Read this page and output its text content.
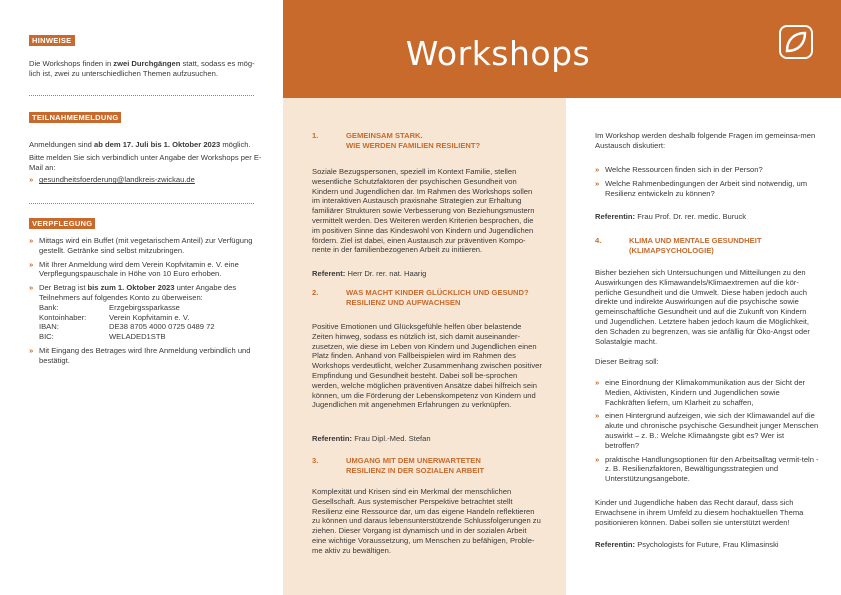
Workshops
HINWEISE
Die Workshops finden in zwei Durchgängen statt, sodass es mög-lich ist, zwei zu unterschiedlichen Themen aufzusuchen.
TEILNAHMEMELDUNG

Anmeldungen sind ab dem 17. Juli bis 1. Oktober 2023 möglich.

Bitte melden Sie sich verbindlich unter Angabe der Workshops per E-Mail an:

» gesundheitsfoerderung@landkreis-zwickau.de
VERPFLEGUNG
» Mittags wird ein Buffet (mit vegetarischem Anteil) zur Verfügung gestellt. Getränke sind selbst mitzubringen.
» Mit Ihrer Anmeldung wird dem Verein Kopfvitamin e. V. eine Verpflegungspauschale in Höhe von 10 Euro erhoben.
» Der Betrag ist bis zum 1. Oktober 2023 unter Angabe des Teilnehmers auf folgendes Konto zu überweisen:
Bank:	Erzgebirgssparkasse
Kontoinhaber:	Verein Kopfvitamin e. V.
IBAN:	DE38 8705 4000 0725 0489 72
BIC:	WELADED1STB
» Mit Eingang des Betrages wird Ihre Anmeldung verbindlich und bestätigt.
1.	GEMEINSAM STARK.
WIE WERDEN FAMILIEN RESILIENT?
Soziale Bezugspersonen, speziell im Kontext Familie, stellen wesentliche Schutzfaktoren der psychischen Gesundheit von Kindern und Jugendlichen dar. Im Rahmen des Workshops sollen im interaktiven Austausch praxisnahe Strategien zur Erhaltung familiärer Strukturen sowie Verbesserung von Beziehungsmustern vermittelt werden. Des Weiteren werden Kriterien besprochen, die im positiven Sinne das Kindeswohl von Kindern und Jugendlichen fördern. Ziel ist dabei, einen Austausch zur präventiven Kompo-nente in der familienbezogenen Arbeit zu initiieren.
Referent: Herr Dr. rer. nat. Haarig
2.	WAS MACHT KINDER GLÜCKLICH UND GESUND?
RESILIENZ UND AUFWACHSEN
Positive Emotionen und Glücksgefühle helfen über belastende Zeiten hinweg, sodass es nützlich ist, sich damit auseinander-zusetzen, wie diese im Leben von Kindern und Jugendlichen einen Platz finden. Anhand von Fallbeispielen wird im Rahmen des Workshops verdeutlicht, welcher Zusammenhang zwischen positiver Empfindung und Gesundheit besteht. Dabei soll be-sprochen werden, welche möglichen präventiven Ansätze dabei hilfreich sein können, um die Förderung der Lebenskompetenz von Kindern und Jugendlichen mit angenehmen Erfahrungen zu verknüpfen.
Referentin: Frau Dipl.-Med. Stefan
3.	UMGANG MIT DEM UNERWARTETEN
RESILIENZ IN DER SOZIALEN ARBEIT
Komplexität und Krisen sind ein Merkmal der menschlichen Gesellschaft. Aus systemischer Perspektive betrachtet stellt Resilienz eine Ressource dar, um das eigene Handeln reflektieren zu können und daraus lebensunterstützende Schlussfolgerungen zu ziehen. Dieser Vorgang ist dynamisch und in der sozialen Arbeit eine wichtige Voraussetzung, um Menschen zu befähigen, Proble-me aktiv zu bewältigen.
Im Workshop werden deshalb folgende Fragen im gemeinsa-men Austausch diskutiert:
» Welche Ressourcen finden sich in der Person?
» Welche Rahmenbedingungen der Arbeit sind notwendig, um Resilienz entwickeln zu können?
Referentin: Frau Prof. Dr. rer. medic. Buruck
4.	KLIMA UND MENTALE GESUNDHEIT
(KLIMAPSYCHOLOGIE)
Bisher beziehen sich Untersuchungen und Mitteilungen zu den Auswirkungen des Klimawandels/Klimaextremen auf die kör-perliche Gesundheit und die Umwelt. Diese haben jedoch auch direkte und indirekte Auswirkungen auf die psychische sowie gemeinschaftliche Gesundheit und auf die Zukunft von Kindern und Jugendlichen. Letztere haben jedoch kaum die Möglichkeit, den Schaden zu begrenzen, was sie anfällig für Öko-Angst oder Solastalgie macht.
Dieser Beitrag soll:
» eine Einordnung der Klimakommunikation aus der Sicht der Medien, Aktivisten, Kindern und Jugendlichen sowie Fachkräften liefern, um Klarheit zu schaffen,
» einen Hintergrund aufzeigen, wie sich der Klimawandel auf die akute und chronische psychische Gesundheit junger Menschen auswirkt – z. B.: Welche Klimaängste gibt es? Wer ist betroffen?
» praktische Handlungsoptionen für den Arbeitsalltag vermit-teln - z. B. Resilienzfaktoren, Bewältigungsstrategien und Unterstützungsangebote.
Kinder und Jugendliche haben das Recht darauf, dass sich Erwachsene in ihrem Umfeld zu diesem hochaktuellen Thema positionieren können. Dabei sollen sie unterstützt werden!
Referentin: Psychologists for Future, Frau Klimasinski
